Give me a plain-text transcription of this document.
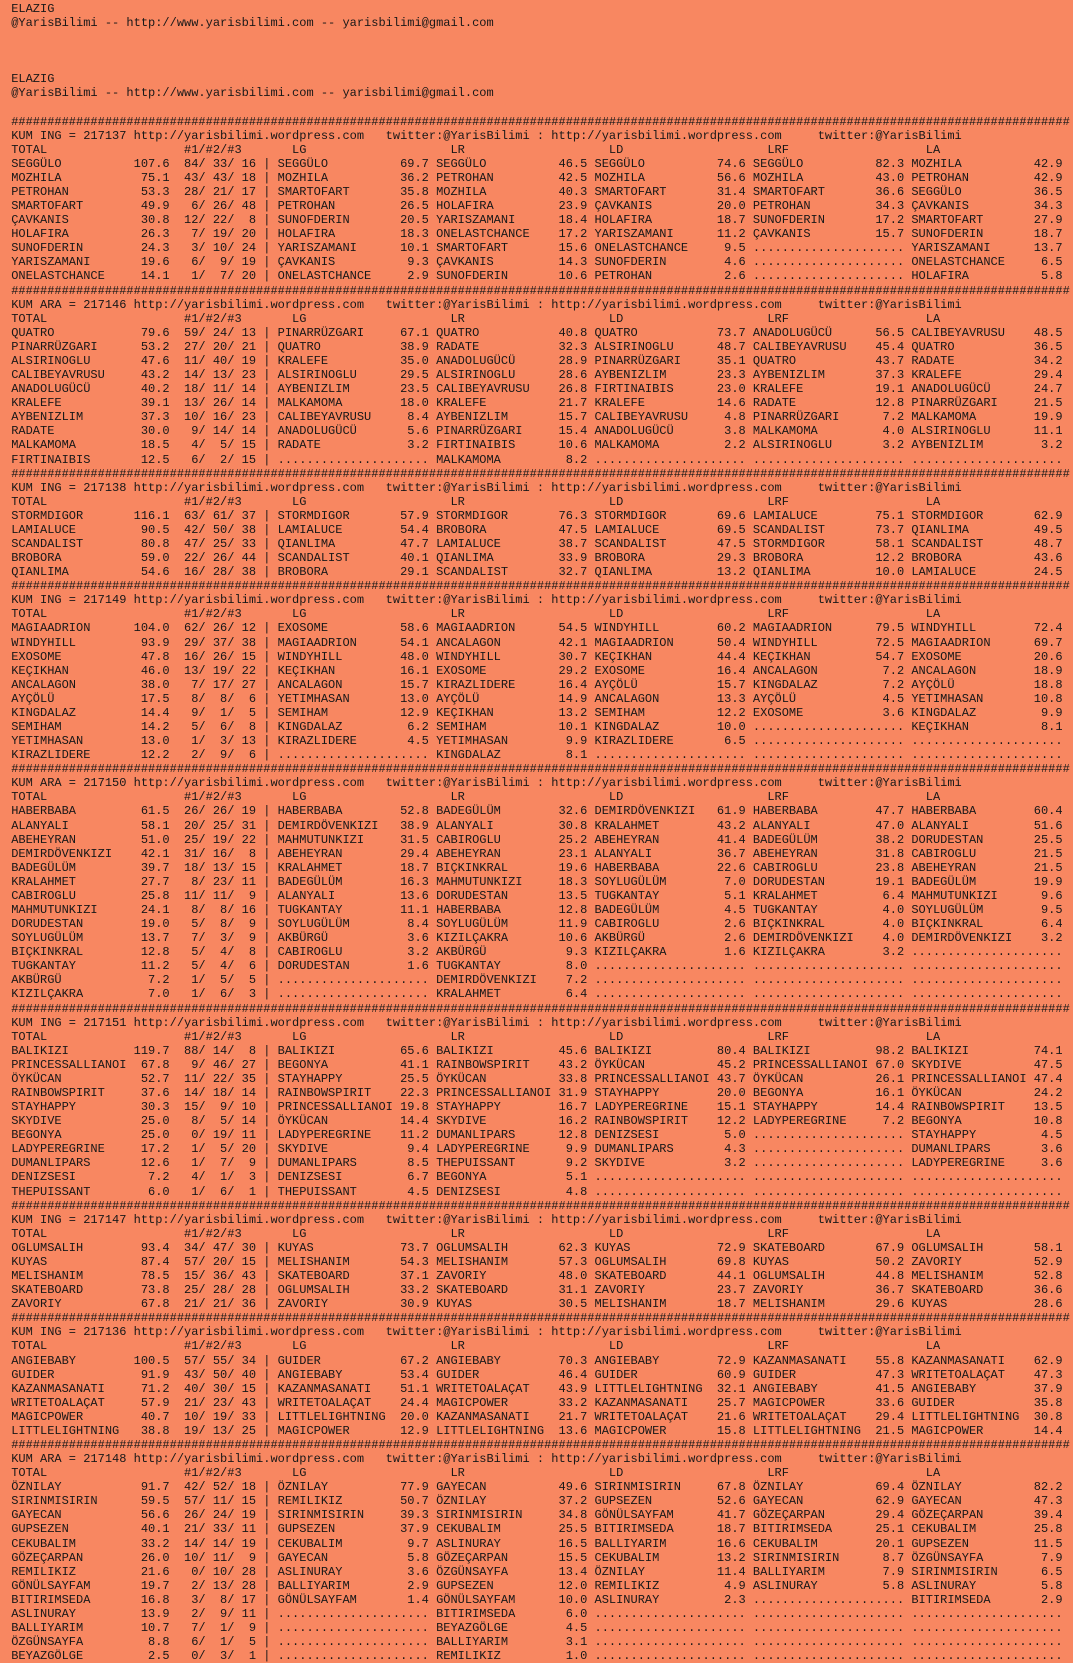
ELAZIG
@YarisBilimi -- http://www.yarisbilimi.com -- yarisbilimi@gmail.com

ELAZIG
@YarisBilimi -- http://www.yarisbilimi.com -- yarisbilimi@gmail.com

###################################################################################################################################################
KUM ING = 217137 http://yarisbilimi.wordpress.com   twitter:@YarisBilimi : http://yarisbilimi.wordpress.com     twitter:@YarisBilimi
TOTAL                   #1/#2/#3       LG                    LR                    LD                    LRF                   LA
SEGGÜLO          107.6  84/ 33/ 16 | SEGGÜLO          69.7 SEGGÜLO          46.5 SEGGÜLO          74.6 SEGGÜLO          82.3 MOZHILA          42.9
MOZHILA           75.1  43/ 43/ 18 | MOZHILA          36.2 PETROHAN         42.5 MOZHILA          56.6 MOZHILA          43.0 PETROHAN         42.9
PETROHAN          53.3  28/ 21/ 17 | SMARTOFART       35.8 MOZHILA          40.3 SMARTOFART       31.4 SMARTOFART       36.6 SEGGÜLO          36.5
SMARTOFART        49.9   6/ 26/ 48 | PETROHAN         26.5 HOLAFIRA         23.9 ÇAVKANIS         20.0 PETROHAN         34.3 ÇAVKANIS         34.3
ÇAVKANIS          30.8  12/ 22/  8 | SUNOFDERIN       20.5 YARISZAMANI      18.4 HOLAFIRA         18.7 SUNOFDERIN       17.2 SMARTOFART       27.9
HOLAFIRA          26.3   7/ 19/ 20 | HOLAFIRA         18.3 ONELASTCHANCE    17.2 YARISZAMANI      11.2 ÇAVKANIS         15.7 SUNOFDERIN       18.7
SUNOFDERIN        24.3   3/ 10/ 24 | YARISZAMANI      10.1 SMARTOFART       15.6 ONELASTCHANCE     9.5 ..................... YARISZAMANI      13.7
YARISZAMANI       19.6   6/  9/ 19 | ÇAVKANIS          9.3 ÇAVKANIS         14.3 SUNOFDERIN        4.6 ..................... ONELASTCHANCE     6.5
ONELASTCHANCE     14.1   1/  7/ 20 | ONELASTCHANCE     2.9 SUNOFDERIN       10.6 PETROHAN          2.6 ..................... HOLAFIRA          5.8
###################################################################################################################################################
KUM ARA = 217146 http://yarisbilimi.wordpress.com   twitter:@YarisBilimi : http://yarisbilimi.wordpress.com     twitter:@YarisBilimi
TOTAL                   #1/#2/#3       LG                    LR                    LD                    LRF                   LA
QUATRO            79.6  59/ 24/ 13 | PINARRÜZGARI     67.1 QUATRO           40.8 QUATRO           73.7 ANADOLUGÜCÜ      56.5 CALIBEYAVRUSU    48.5
PINARRÜZGARI      53.2  27/ 20/ 21 | QUATRO           38.9 RADATE           32.3 ALSIRINOGLU      48.7 CALIBEYAVRUSU    45.4 QUATRO           36.5
ALSIRINOGLU       47.6  11/ 40/ 19 | KRALEFE          35.0 ANADOLUGÜCÜ      28.9 PINARRÜZGARI     35.1 QUATRO           43.7 RADATE           34.2
CALIBEYAVRUSU     43.2  14/ 13/ 23 | ALSIRINOGLU      29.5 ALSIRINOGLU      28.6 AYBENIZLIM       23.3 AYBENIZLIM       37.3 KRALEFE          29.4
ANADOLUGÜCÜ       40.2  18/ 11/ 14 | AYBENIZLIM       23.5 CALIBEYAVRUSU    26.8 FIRTINAIBIS      23.0 KRALEFE          19.1 ANADOLUGÜCÜ      24.7
KRALEFE           39.1  13/ 26/ 14 | MALKAMOMA        18.0 KRALEFE          21.7 KRALEFE          14.6 RADATE           12.8 PINARRÜZGARI     21.5
AYBENIZLIM        37.3  10/ 16/ 23 | CALIBEYAVRUSU     8.4 AYBENIZLIM       15.7 CALIBEYAVRUSU     4.8 PINARRÜZGARI      7.2 MALKAMOMA        19.9
RADATE            30.0   9/ 14/ 14 | ANADOLUGÜCÜ       5.6 PINARRÜZGARI     15.4 ANADOLUGÜCÜ       3.8 MALKAMOMA         4.0 ALSIRINOGLU      11.1
MALKAMOMA         18.5   4/  5/ 15 | RADATE            3.2 FIRTINAIBIS      10.6 MALKAMOMA         2.2 ALSIRINOGLU       3.2 AYBENIZLIM        3.2
FIRTINAIBIS       12.5   6/  2/ 15 | ..................... MALKAMOMA         8.2 ..................... ..................... .....................
###################################################################################################################################################
KUM ING = 217138 http://yarisbilimi.wordpress.com   twitter:@YarisBilimi : http://yarisbilimi.wordpress.com     twitter:@YarisBilimi
TOTAL                   #1/#2/#3       LG                    LR                    LD                    LRF                   LA
STORMDIGOR       116.1  63/ 61/ 37 | STORMDIGOR       57.9 STORMDIGOR       76.3 STORMDIGOR       69.6 LAMIALUCE        75.1 STORMDIGOR       62.9
LAMIALUCE         90.5  42/ 50/ 38 | LAMIALUCE        54.4 BROBORA          47.5 LAMIALUCE        69.5 SCANDALIST       73.7 QIANLIMA         49.5
SCANDALIST        80.8  47/ 25/ 33 | QIANLIMA         47.7 LAMIALUCE        38.7 SCANDALIST       47.5 STORMDIGOR       58.1 SCANDALIST       48.7
BROBORA           59.0  22/ 26/ 44 | SCANDALIST       40.1 QIANLIMA         33.9 BROBORA          29.3 BROBORA          12.2 BROBORA          43.6
QIANLIMA          54.6  16/ 28/ 38 | BROBORA          29.1 SCANDALIST       32.7 QIANLIMA         13.2 QIANLIMA         10.0 LAMIALUCE        24.5
###################################################################################################################################################
KUM ING = 217149 http://yarisbilimi.wordpress.com   twitter:@YarisBilimi : http://yarisbilimi.wordpress.com     twitter:@YarisBilimi
TOTAL                   #1/#2/#3       LG                    LR                    LD                    LRF                   LA
MAGIAADRION      104.0  62/ 26/ 12 | EXOSOME          58.6 MAGIAADRION      54.5 WINDYHILL        60.2 MAGIAADRION      79.5 WINDYHILL        72.4
WINDYHILL         93.9  29/ 37/ 38 | MAGIAADRION      54.1 ANCALAGON        42.1 MAGIAADRION      50.4 WINDYHILL        72.5 MAGIAADRION      69.7
EXOSOME           47.8  16/ 26/ 15 | WINDYHILL        48.0 WINDYHILL        30.7 KEÇIKHAN         44.4 KEÇIKHAN         54.7 EXOSOME          20.6
KEÇIKHAN          46.0  13/ 19/ 22 | KEÇIKHAN         16.1 EXOSOME          29.2 EXOSOME          16.4 ANCALAGON         7.2 ANCALAGON        18.9
ANCALAGON         38.0   7/ 17/ 27 | ANCALAGON        15.7 KIRAZLIDERE      16.4 AYÇÖLÜ           15.7 KINGDALAZ         7.2 AYÇÖLÜ           18.8
AYÇÖLÜ            17.5   8/  8/  6 | YETIMHASAN       13.0 AYÇÖLÜ           14.9 ANCALAGON        13.3 AYÇÖLÜ            4.5 YETIMHASAN       10.8
KINGDALAZ         14.4   9/  1/  5 | SEMIHAM          12.9 KEÇIKHAN         13.2 SEMIHAM          12.2 EXOSOME           3.6 KINGDALAZ         9.9
SEMIHAM           14.2   5/  6/  8 | KINGDALAZ         6.2 SEMIHAM          10.1 KINGDALAZ        10.0 ..................... KEÇIKHAN          8.1
YETIMHASAN        13.0   1/  3/ 13 | KIRAZLIDERE       4.5 YETIMHASAN        9.9 KIRAZLIDERE       6.5 ..................... .....................
KIRAZLIDERE       12.2   2/  9/  6 | ..................... KINGDALAZ         8.1 ..................... ..................... .....................
###################################################################################################################################################
KUM ARA = 217150 http://yarisbilimi.wordpress.com   twitter:@YarisBilimi : http://yarisbilimi.wordpress.com     twitter:@YarisBilimi
TOTAL                   #1/#2/#3       LG                    LR                    LD                    LRF                   LA
HABERBABA         61.5  26/ 26/ 19 | HABERBABA        52.8 BADEGÜLÜM        32.6 DEMIRDÖVENKIZI   61.9 HABERBABA        47.7 HABERBABA        60.4
ALANYALI          58.1  20/ 25/ 31 | DEMIRDÖVENKIZI   38.9 ALANYALI         30.8 KRALAHMET        43.2 ALANYALI         47.0 ALANYALI         51.6
ABEHEYRAN         51.0  25/ 19/ 22 | MAHMUTUNKIZI     31.5 CABIROGLU        25.2 ABEHEYRAN        41.4 BADEGÜLÜM        38.2 DORUDESTAN       25.5
DEMIRDÖVENKIZI    42.1  31/ 16/  8 | ABEHEYRAN        29.4 ABEHEYRAN        23.1 ALANYALI         36.7 ABEHEYRAN        31.8 CABIROGLU        21.5
BADEGÜLÜM         39.7  18/ 13/ 15 | KRALAHMET        18.7 BIÇKINKRAL       19.6 HABERBABA        22.6 CABIROGLU        23.8 ABEHEYRAN        21.5
KRALAHMET         27.7   8/ 23/ 11 | BADEGÜLÜM        16.3 MAHMUTUNKIZI     18.3 SOYLUGÜLÜM        7.0 DORUDESTAN       19.1 BADEGÜLÜM        19.9
CABIROGLU         25.8  11/ 11/  9 | ALANYALI         13.6 DORUDESTAN       13.5 TUGKANTAY         5.1 KRALAHMET         6.4 MAHMUTUNKIZI      9.6
MAHMUTUNKIZI      24.1   8/  8/ 16 | TUGKANTAY        11.1 HABERBABA        12.8 BADEGÜLÜM         4.5 TUGKANTAY         4.0 SOYLUGÜLÜM        9.5
DORUDESTAN        19.0   5/  8/  9 | SOYLUGÜLÜM        8.4 SOYLUGÜLÜM       11.9 CABIROGLU         2.6 BIÇKINKRAL        4.0 BIÇKINKRAL        6.4
SOYLUGÜLÜM        13.7   7/  3/  9 | AKBÜRGÜ           3.6 KIZILÇAKRA       10.6 AKBÜRGÜ           2.6 DEMIRDÖVENKIZI    4.0 DEMIRDÖVENKIZI    3.2
BIÇKINKRAL        12.8   5/  4/  8 | CABIROGLU         3.2 AKBÜRGÜ           9.3 KIZILÇAKRA        1.6 KIZILÇAKRA        3.2 .....................
TUGKANTAY         11.2   5/  4/  6 | DORUDESTAN        1.6 TUGKANTAY         8.0 ..................... ..................... .....................
AKBÜRGÜ            7.2   1/  5/  5 | ..................... DEMIRDÖVENKIZI    7.2 ..................... ..................... .....................
KIZILÇAKRA         7.0   1/  6/  3 | ..................... KRALAHMET         6.4 ..................... ..................... .....................
###################################################################################################################################################
KUM ING = 217151 http://yarisbilimi.wordpress.com   twitter:@YarisBilimi : http://yarisbilimi.wordpress.com     twitter:@YarisBilimi
TOTAL                   #1/#2/#3       LG                    LR                    LD                    LRF                   LA
BALIKIZI         119.7  88/ 14/  8 | BALIKIZI         65.6 BALIKIZI         45.6 BALIKIZI         80.4 BALIKIZI         98.2 BALIKIZI         74.1
PRINCESSALLIANOI  67.8   9/ 46/ 27 | BEGONYA          41.1 RAINBOWSPIRIT    43.2 ÖYKÜCAN          45.2 PRINCESSALLIANOI 67.0 SKYDIVE          47.5
ÖYKÜCAN           52.7  11/ 22/ 35 | STAYHAPPY        25.5 ÖYKÜCAN          33.8 PRINCESSALLIANOI 43.7 ÖYKÜCAN          26.1 PRINCESSALLIANOI 47.4
RAINBOWSPIRIT     37.6  14/ 18/ 14 | RAINBOWSPIRIT    22.3 PRINCESSALLIANOI 31.9 STAYHAPPY        20.0 BEGONYA          16.1 ÖYKÜCAN          24.2
STAYHAPPY         30.3  15/  9/ 10 | PRINCESSALLIANOI 19.8 STAYHAPPY        16.7 LADYPEREGRINE    15.1 STAYHAPPY        14.4 RAINBOWSPIRIT    13.5
SKYDIVE           25.0   8/  5/ 14 | ÖYKÜCAN          14.4 SKYDIVE          16.2 RAINBOWSPIRIT    12.2 LADYPEREGRINE     7.2 BEGONYA          10.8
BEGONYA           25.0   0/ 19/ 11 | LADYPEREGRINE    11.2 DUMANLIPARS      12.8 DENIZSESI         5.0 ..................... STAYHAPPY         4.5
LADYPEREGRINE     17.2   1/  5/ 20 | SKYDIVE           9.4 LADYPEREGRINE     9.9 DUMANLIPARS       4.3 ..................... DUMANLIPARS       3.6
DUMANLIPARS       12.6   1/  7/  9 | DUMANLIPARS       8.5 THEPUISSANT       9.2 SKYDIVE           3.2 ..................... LADYPEREGRINE     3.6
DENIZSESI          7.2   4/  1/  3 | DENIZSESI         6.7 BEGONYA           5.1 ..................... ..................... .....................
THEPUISSANT        6.0   1/  6/  1 | THEPUISSANT       4.5 DENIZSESI         4.8 ..................... ..................... .....................
###################################################################################################################################################
KUM ING = 217147 http://yarisbilimi.wordpress.com   twitter:@YarisBilimi : http://yarisbilimi.wordpress.com     twitter:@YarisBilimi
TOTAL                   #1/#2/#3       LG                    LR                    LD                    LRF                   LA
OGLUMSALIH        93.4  34/ 47/ 30 | KUYAS            73.7 OGLUMSALIH       62.3 KUYAS            72.9 SKATEBOARD       67.9 OGLUMSALIH       58.1
KUYAS             87.4  57/ 20/ 15 | MELISHANIM       54.3 MELISHANIM       57.3 OGLUMSALIH       69.8 KUYAS            50.2 ZAVORIY          52.9
MELISHANIM        78.5  15/ 36/ 43 | SKATEBOARD       37.1 ZAVORIY          48.0 SKATEBOARD       44.1 OGLUMSALIH       44.8 MELISHANIM       52.8
SKATEBOARD        73.8  25/ 28/ 28 | OGLUMSALIH       33.2 SKATEBOARD       31.1 ZAVORIY          23.7 ZAVORIY          36.7 SKATEBOARD       36.6
ZAVORIY           67.8  21/ 21/ 36 | ZAVORIY          30.9 KUYAS            30.5 MELISHANIM       18.7 MELISHANIM       29.6 KUYAS            28.6
###################################################################################################################################################
KUM ING = 217136 http://yarisbilimi.wordpress.com   twitter:@YarisBilimi : http://yarisbilimi.wordpress.com     twitter:@YarisBilimi
TOTAL                   #1/#2/#3       LG                    LR                    LD                    LRF                   LA
ANGIEBABY        100.5  57/ 55/ 34 | GUIDER           67.2 ANGIEBABY        70.3 ANGIEBABY        72.9 KAZANMASANATI    55.8 KAZANMASANATI    62.9
GUIDER            91.9  43/ 50/ 40 | ANGIEBABY        53.4 GUIDER           46.4 GUIDER           60.9 GUIDER           47.3 WRITETOALAÇAT    47.3
KAZANMASANATI     71.2  40/ 30/ 15 | KAZANMASANATI    51.1 WRITETOALAÇAT    43.9 LITTLELIGHTNING  32.1 ANGIEBABY        41.5 ANGIEBABY        37.9
WRITETOALAÇAT     57.9  21/ 23/ 43 | WRITETOALAÇAT    24.4 MAGICPOWER       33.2 KAZANMASANATI    25.7 MAGICPOWER       33.6 GUIDER           35.8
MAGICPOWER        40.7  10/ 19/ 33 | LITTLELIGHTNING  20.0 KAZANMASANATI    21.7 WRITETOALAÇAT    21.6 WRITETOALAÇAT    29.4 LITTLELIGHTNING  30.8
LITTLELIGHTNING   38.8  19/ 13/ 25 | MAGICPOWER       12.9 LITTLELIGHTNING  13.6 MAGICPOWER       15.8 LITTLELIGHTNING  21.5 MAGICPOWER       14.4
###################################################################################################################################################
KUM ARA = 217148 http://yarisbilimi.wordpress.com   twitter:@YarisBilimi : http://yarisbilimi.wordpress.com     twitter:@YarisBilimi
TOTAL                   #1/#2/#3       LG                    LR                    LD                    LRF                   LA
ÖZNILAY           91.7  42/ 52/ 18 | ÖZNILAY          77.9 GAYECAN          49.6 SIRINMISIRIN     67.8 ÖZNILAY          69.4 ÖZNILAY          82.2
SIRINMISIRIN      59.5  57/ 11/ 15 | REMILIKIZ        50.7 ÖZNILAY          37.2 GUPSEZEN         52.6 GAYECAN          62.9 GAYECAN          47.3
GAYECAN           56.6  26/ 24/ 19 | SIRINMISIRIN     39.3 SIRINMISIRIN     34.8 GÖNÜLSAYFAM      41.7 GÖZEÇARPAN       29.4 GÖZEÇARPAN       39.4
GUPSEZEN          40.1  21/ 33/ 11 | GUPSEZEN         37.9 CEKUBALIM        25.5 BITIRIMSEDA      18.7 BITIRIMSEDA      25.1 CEKUBALIM        25.8
CEKUBALIM         33.2  14/ 14/ 19 | CEKUBALIM         9.7 ASLINURAY        16.5 BALLIYARIM       16.6 CEKUBALIM        20.1 GUPSEZEN         11.5
GÖZEÇARPAN        26.0  10/ 11/  9 | GAYECAN           5.8 GÖZEÇARPAN       15.5 CEKUBALIM        13.2 SIRINMISIRIN      8.7 ÖZGÜNSAYFA        7.9
REMILIKIZ         21.6   0/ 10/ 28 | ASLINURAY         3.6 ÖZGÜNSAYFA       13.4 ÖZNILAY          11.4 BALLIYARIM        7.9 SIRINMISIRIN      6.5
GÖNÜLSAYFAM       19.7   2/ 13/ 28 | BALLIYARIM        2.9 GUPSEZEN         12.0 REMILIKIZ         4.9 ASLINURAY         5.8 ASLINURAY         5.8
BITIRIMSEDA       16.8   3/  8/ 17 | GÖNÜLSAYFAM       1.4 GÖNÜLSAYFAM      10.0 ASLINURAY         2.3 ..................... BITIRIMSEDA       2.9
ASLINURAY         13.9   2/  9/ 11 | ..................... BITIRIMSEDA       6.0 ..................... ..................... .....................
BALLIYARIM        10.7   7/  1/  9 | ..................... BEYAZGÖLGE        4.5 ..................... ..................... .....................
ÖZGÜNSAYFA         8.8   6/  1/  5 | ..................... BALLIYARIM        3.1 ..................... ..................... .....................
BEYAZGÖLGE         2.5   0/  3/  1 | ..................... REMILIKIZ         1.0 ..................... ..................... .....................
